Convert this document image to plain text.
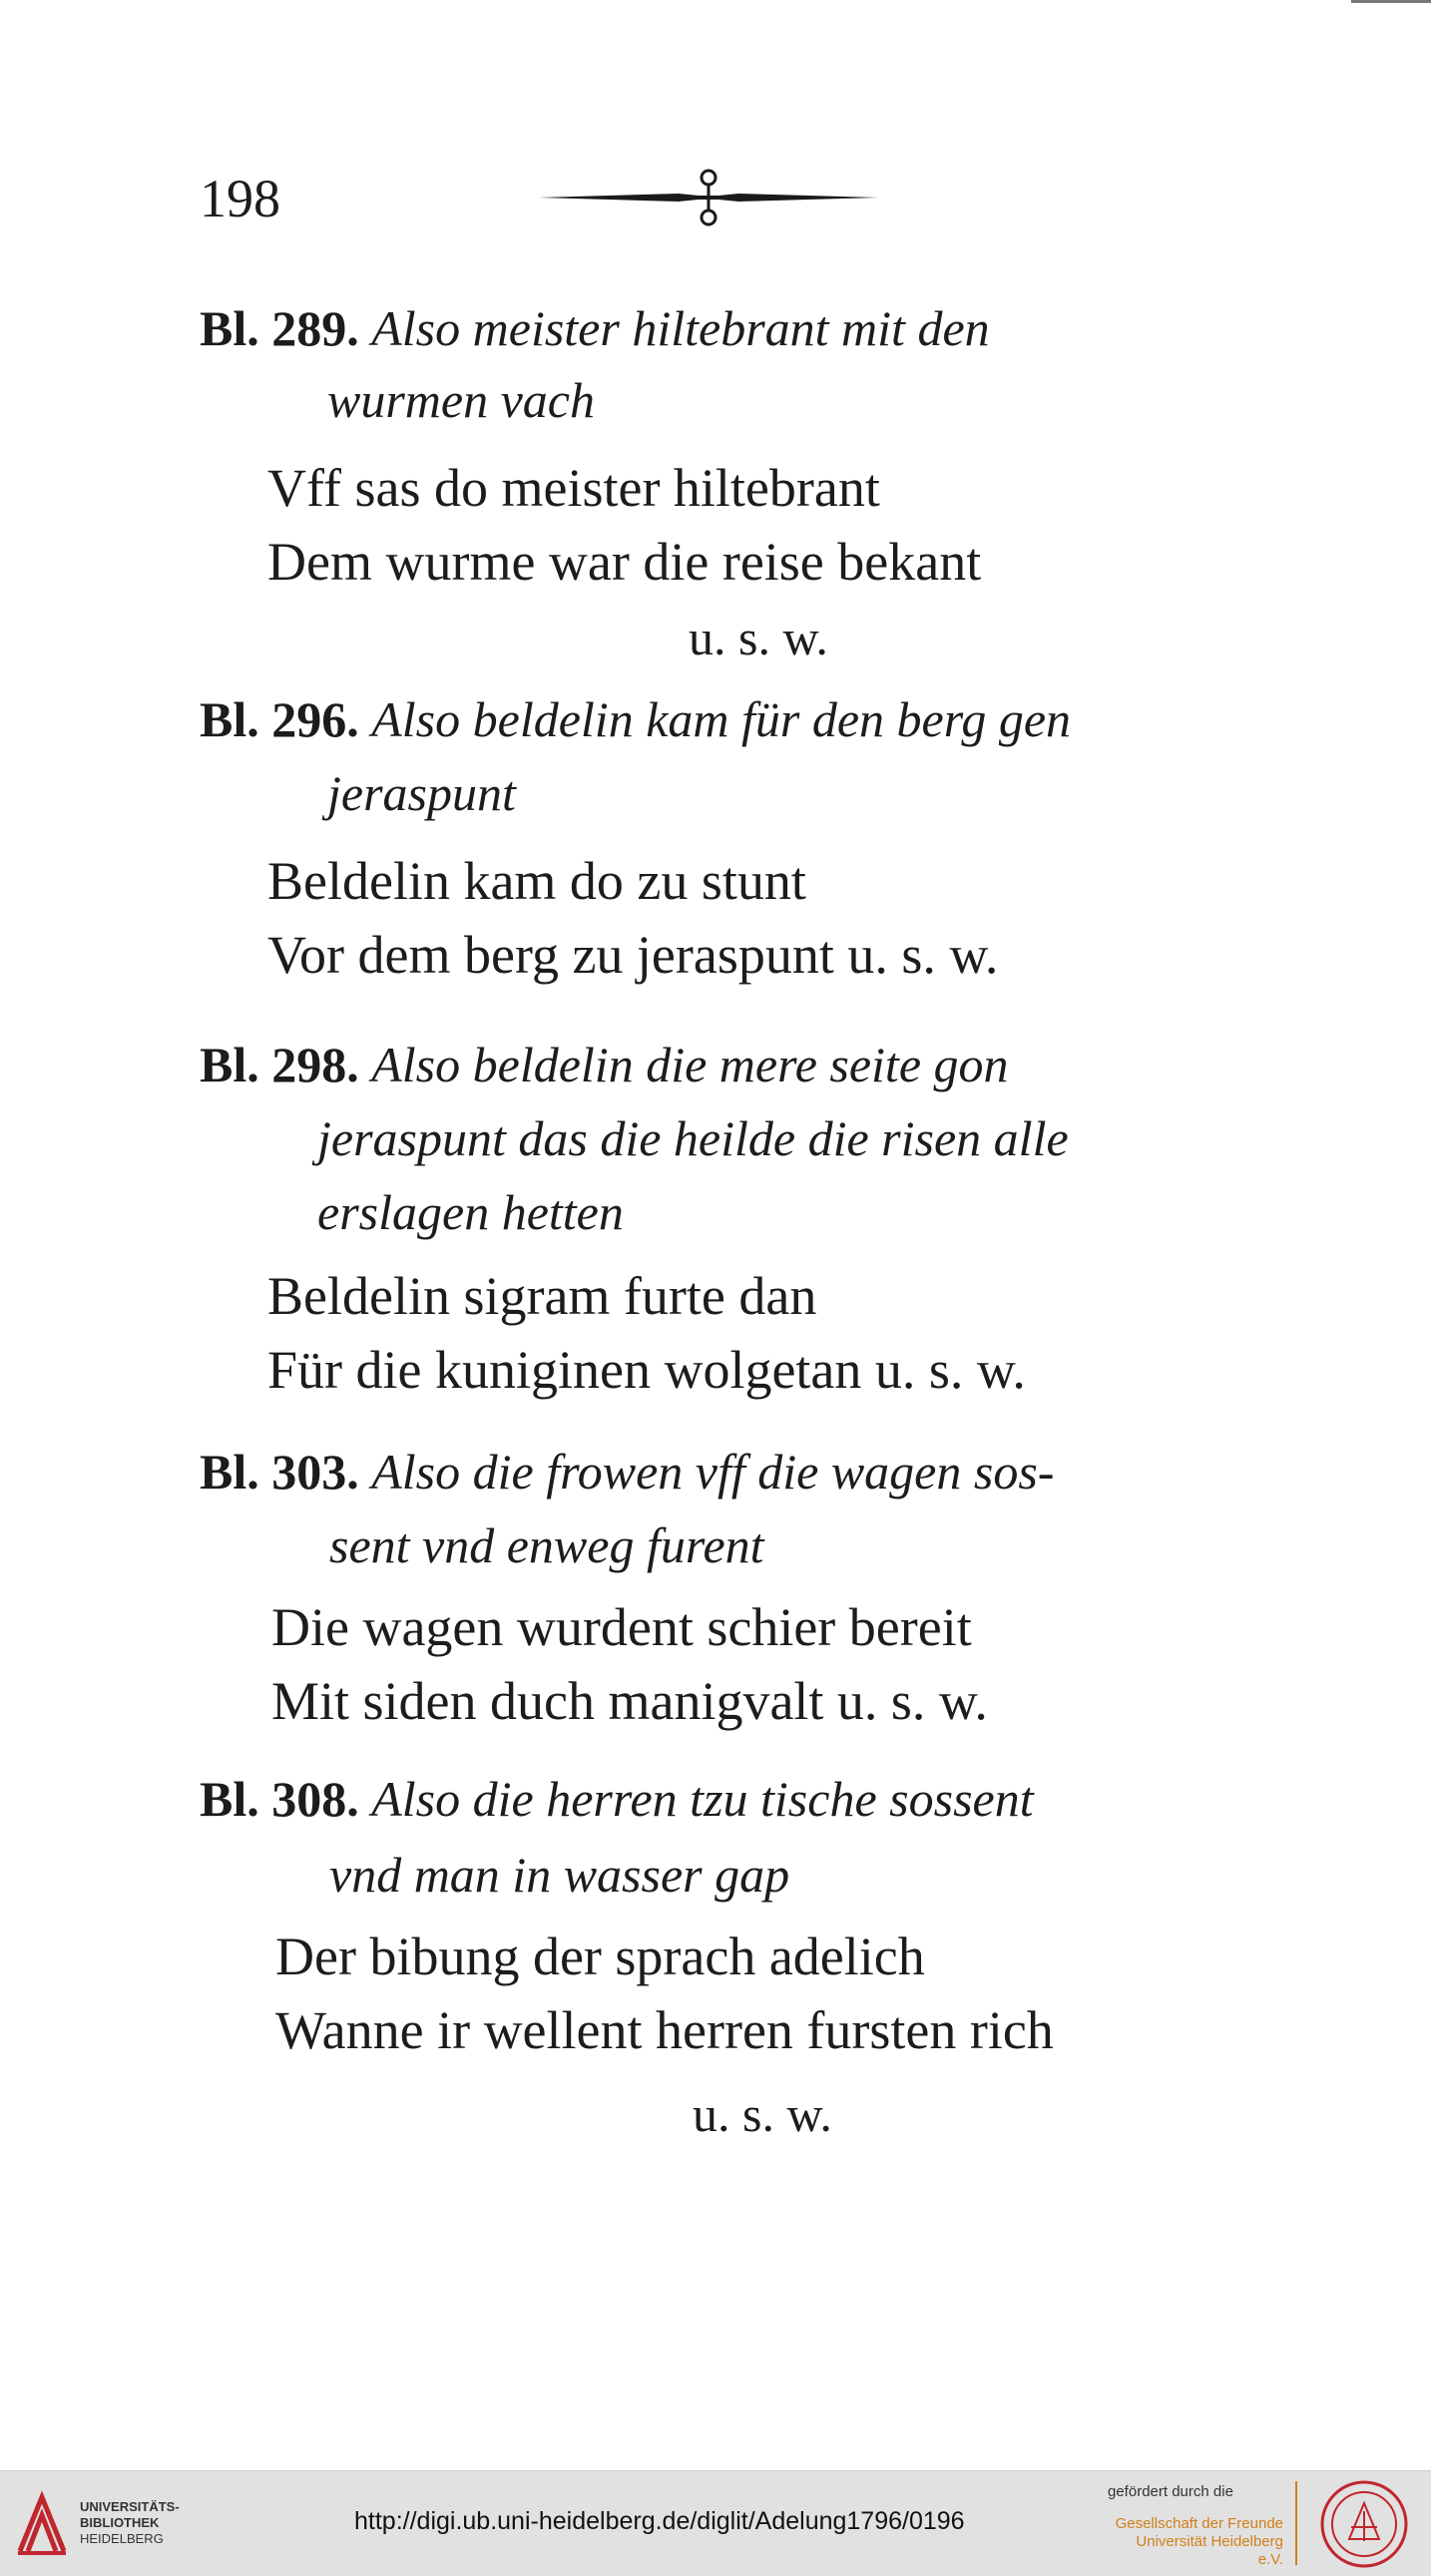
198
Bl. 289. Also meister hiltebrant mit den
wurmen vach
Vff sas do meister hiltebrant
Dem wurme war die reise bekant
u. s. w.
Bl. 296. Also beldelin kam für den berg gen
jeraspunt
Beldelin kam do zu stunt
Vor dem berg zu jeraspunt u. s. w.
Bl. 298. Also beldelin die mere seite gon
jeraspunt das die heilde die risen alle
erslagen hetten
Beldelin sigram furte dan
Für die kuniginen wolgetan u. s. w.
Bl. 303. Also die frowen vff die wagen sos-
sent vnd enweg furent
Die wagen wurdent schier bereit
Mit siden duch manigvalt u. s. w.
Bl. 308. Also die herren tzu tische sossent
vnd man in wasser gap
Der bibung der sprach adelich
Wanne ir wellent herren fursten rich
u. s. w.
UNIVERSITÄTS-
BIBLIOTHEK
HEIDELBERG
http://digi.ub.uni-heidelberg.de/diglit/Adelung1796/0196
gefördert durch die
Gesellschaft der Freunde
Universität Heidelberg e.V.
